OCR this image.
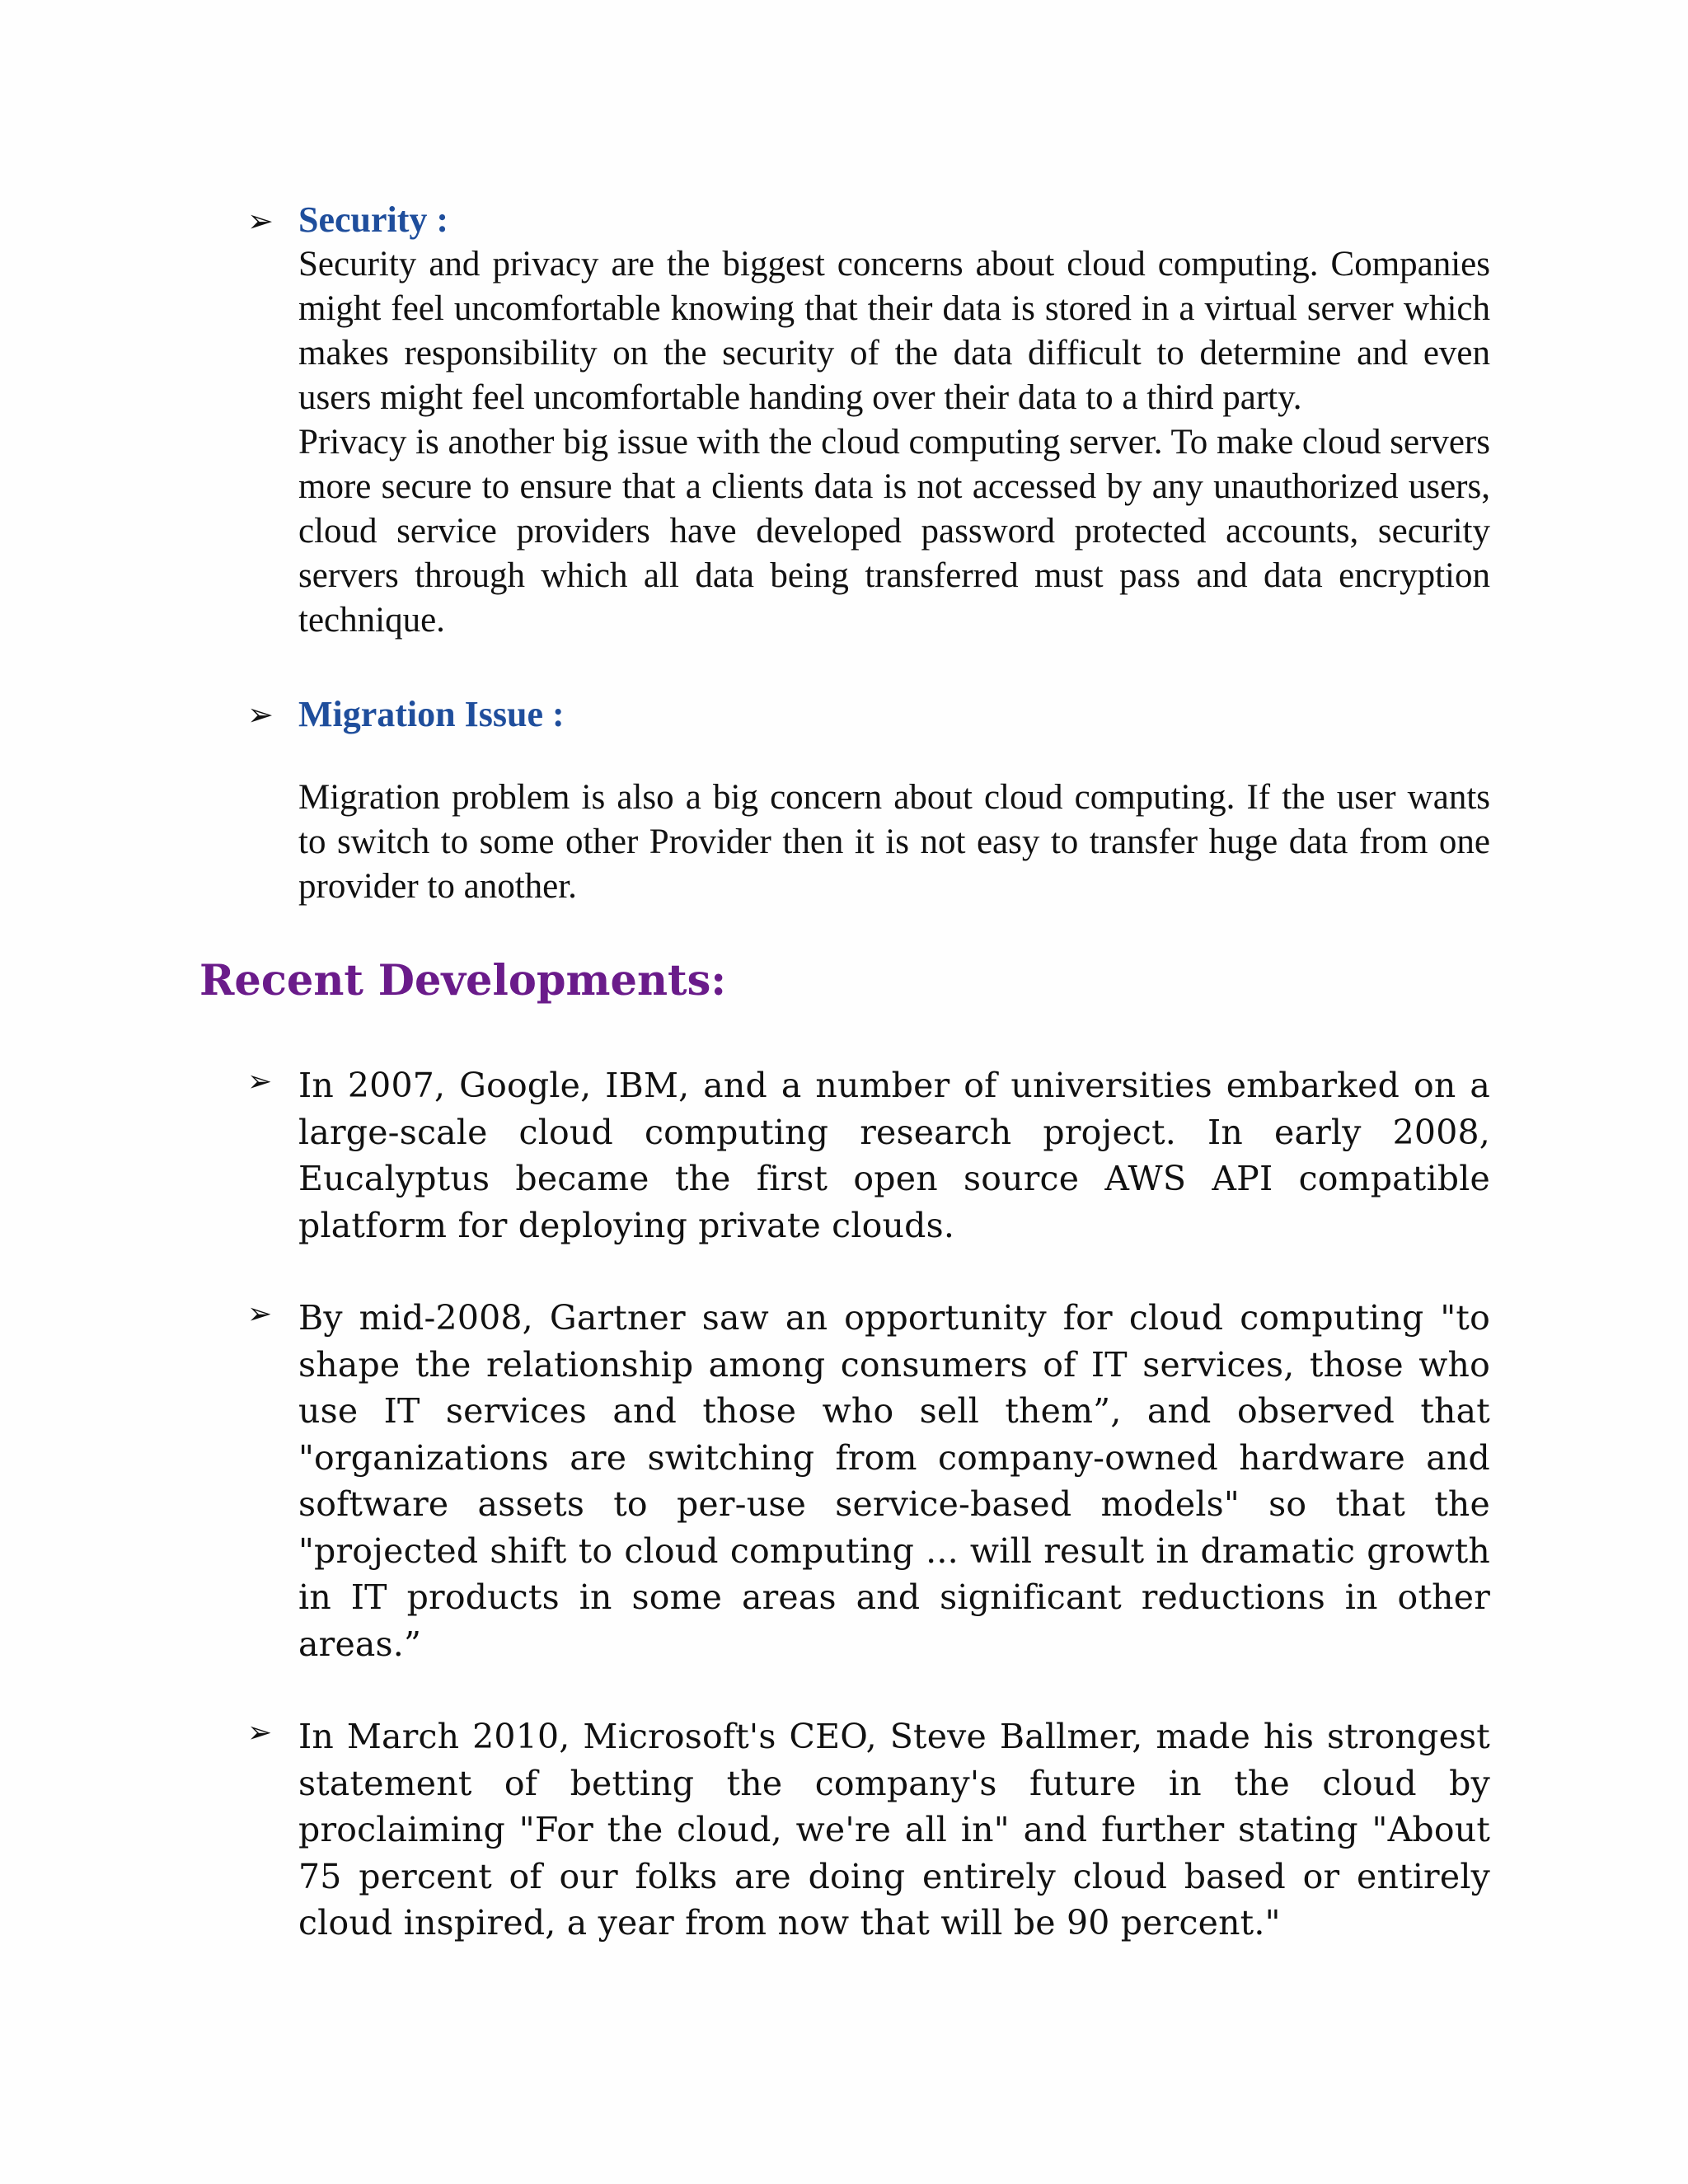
➢ Security :

Security and privacy are the biggest concerns about cloud computing. Companies might feel uncomfortable knowing that their data is stored in a virtual server which makes responsibility on the security of the data difficult to determine and even users might feel uncomfortable handing over their data to a third party.

Privacy is another big issue with the cloud computing server. To make cloud servers more secure to ensure that a clients data is not accessed by any unauthorized users, cloud service providers have developed password protected accounts, security servers through which all data being transferred must pass and data encryption technique.

➢ Migration Issue :

Migration problem is also a big concern about cloud computing. If the user wants to switch to some other Provider then it is not easy to transfer huge data from one provider to another.

Recent Developments:
➢ In 2007, Google, IBM, and a number of universities embarked on a large-scale cloud computing research project. In early 2008, Eucalyptus became the first open source AWS API compatible platform for deploying private clouds.

➢ By mid-2008, Gartner saw an opportunity for cloud computing "to shape the relationship among consumers of IT services, those who use IT services and those who sell them”, and observed that "organizations are switching from company-owned hardware and software assets to per-use service-based models" so that the "projected shift to cloud computing ... will result in dramatic growth in IT products in some areas and significant reductions in other areas.”

➢ In March 2010, Microsoft's CEO, Steve Ballmer, made his strongest statement of betting the company's future in the cloud by proclaiming "For the cloud, we're all in" and further stating "About 75 percent of our folks are doing entirely cloud based or entirely cloud inspired, a year from now that will be 90 percent."
